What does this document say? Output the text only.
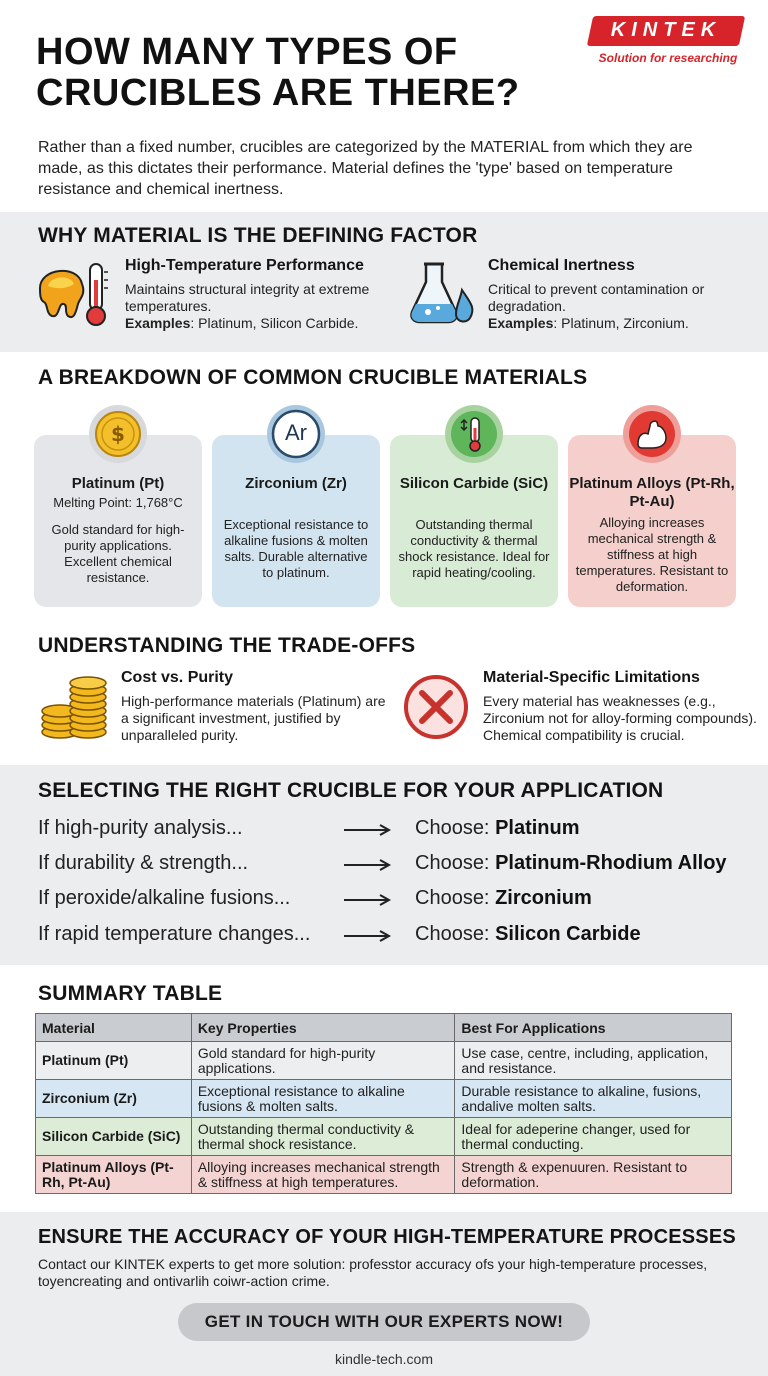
HOW MANY TYPES OF CRUCIBLES ARE THERE?
KINTEK
Solution for researching
Rather than a fixed number, crucibles are categorized by the MATERIAL from which they are made, as this dictates their performance. Material defines the 'type' based on temperature resistance and chemical inertness.
WHY MATERIAL IS THE DEFINING FACTOR
High-Temperature Performance
Maintains structural integrity at extreme temperatures.
Examples: Platinum, Silicon Carbide.
Chemical Inertness
Critical to prevent contamination or degradation.
Examples: Platinum, Zirconium.
A BREAKDOWN OF COMMON CRUCIBLE MATERIALS
Platinum (Pt)
Melting Point: 1,768°C
Gold standard for high-purity applications. Excellent chemical resistance.
$
Zirconium (Zr)
Exceptional resistance to alkaline fusions & molten salts. Durable alternative to platinum.
Ar
Silicon Carbide (SiC)
Outstanding thermal conductivity & thermal shock resistance. Ideal for rapid heating/cooling.
Platinum Alloys (Pt-Rh, Pt-Au)
Alloying increases mechanical strength & stiffness at high temperatures. Resistant to deformation.
UNDERSTANDING THE TRADE-OFFS
Cost vs. Purity
High-performance materials (Platinum) are a significant investment, justified by unparalleled purity.
Material-Specific Limitations
Every material has weaknesses (e.g., Zirconium not for alloy-forming compounds). Chemical compatibility is crucial.
SELECTING THE RIGHT CRUCIBLE FOR YOUR APPLICATION
If high-purity analysis...	Choose: Platinum
If durability & strength...	Choose: Platinum-Rhodium Alloy
If peroxide/alkaline fusions...	Choose: Zirconium
If rapid temperature changes...	Choose: Silicon Carbide
SUMMARY TABLE
Material	Key Properties	Best For Applications
Platinum (Pt)	Gold standard for high-purity applications.	Use case, centre, including, application, and resistance.
Zirconium (Zr)	Exceptional resistance to alkaline fusions & molten salts.	Durable resistance to alkaline, fusions, andalive molten salts.
Silicon Carbide (SiC)	Outstanding thermal conductivity & thermal shock resistance.	Ideal for adeperine changer, used for thermal conducting.
Platinum Alloys (Pt-Rh, Pt-Au)	Alloying increases mechanical strength & stiffness at high temperatures.	Strength & expenuuren. Resistant to deformation.
ENSURE THE ACCURACY OF YOUR HIGH-TEMPERATURE PROCESSES
Contact our KINTEK experts to get more solution: professtor accuracy ofs your high-temperature processes, toyencreating and ontivarlih coiwr-action crime.
GET IN TOUCH WITH OUR EXPERTS NOW!
kindle-tech.com
